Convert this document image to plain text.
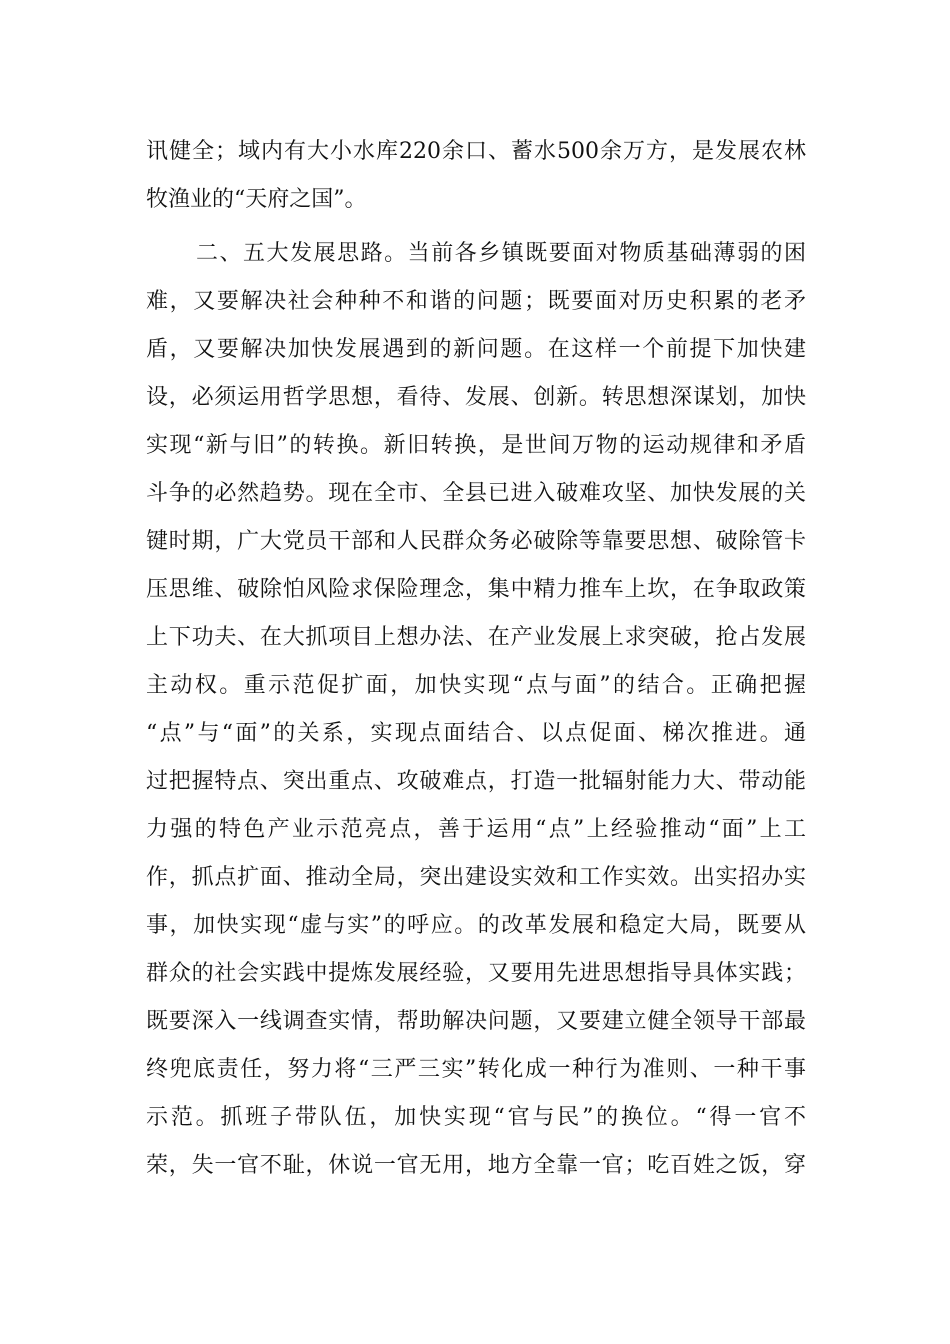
讯健全；域内有大小水库220余口、蓄水500余万方，是发展农林
牧渔业的“天府之国”。
二、五大发展思路。当前各乡镇既要面对物质基础薄弱的困
难，又要解决社会种种不和谐的问题；既要面对历史积累的老矛
盾，又要解决加快发展遇到的新问题。在这样一个前提下加快建
设，必须运用哲学思想，看待、发展、创新。转思想深谋划，加快
实现“新与旧”的转换。新旧转换，是世间万物的运动规律和矛盾
斗争的必然趋势。现在全市、全县已进入破难攻坚、加快发展的关
键时期，广大党员干部和人民群众务必破除等靠要思想、破除管卡
压思维、破除怕风险求保险理念，集中精力推车上坎，在争取政策
上下功夫、在大抓项目上想办法、在产业发展上求突破，抢占发展
主动权。重示范促扩面，加快实现“点与面”的结合。正确把握
“点”与“面”的关系，实现点面结合、以点促面、梯次推进。通
过把握特点、突出重点、攻破难点，打造一批辐射能力大、带动能
力强的特色产业示范亮点，善于运用“点”上经验推动“面”上工
作，抓点扩面、推动全局，突出建设实效和工作实效。出实招办实
事，加快实现“虚与实”的呼应。的改革发展和稳定大局，既要从
群众的社会实践中提炼发展经验，又要用先进思想指导具体实践；
既要深入一线调查实情，帮助解决问题，又要建立健全领导干部最
终兜底责任，努力将“三严三实”转化成一种行为准则、一种干事
示范。抓班子带队伍，加快实现“官与民”的换位。“得一官不
荣，失一官不耻，休说一官无用，地方全靠一官；吃百姓之饭，穿
